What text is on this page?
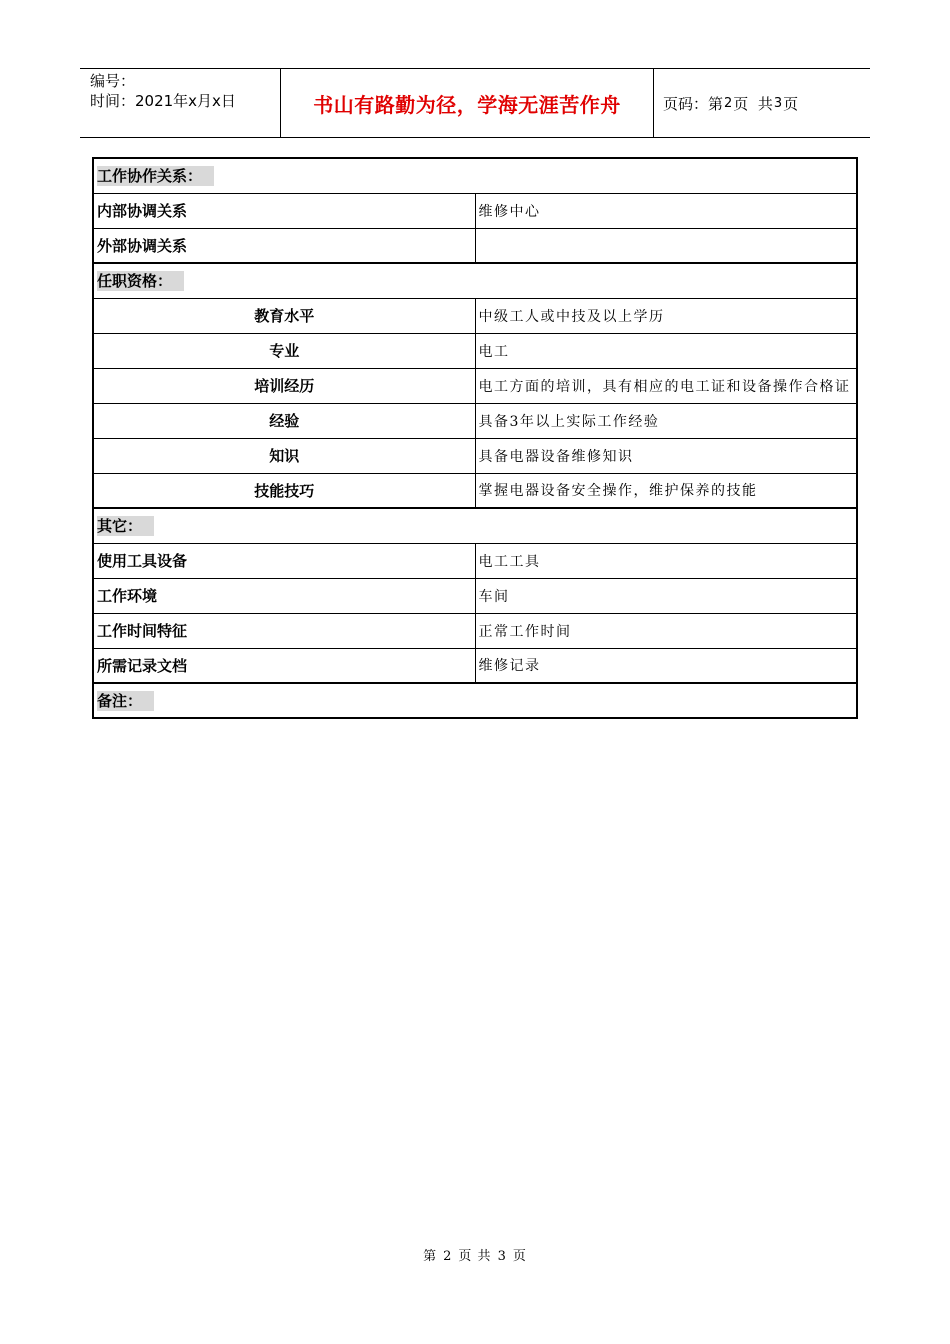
编号：
时间：2021年x月x日	书山有路勤为径，学海无涯苦作舟	页码：第 2 页  共 3 页
工作协作关系：	
内部协调关系	维修中心
外部协调关系	
任职资格：	
教育水平	中级工人或中技及以上学历
专业	电工
培训经历	电工方面的培训，具有相应的电工证和设备操作合格证
经验	具备3年以上实际工作经验
知识	具备电器设备维修知识
技能技巧	掌握电器设备安全操作，维护保养的技能
其它：	
使用工具设备	电工工具
工作环境	车间
工作时间特征	正常工作时间
所需记录文档	维修记录
备注：	
第 2 页 共 3 页
